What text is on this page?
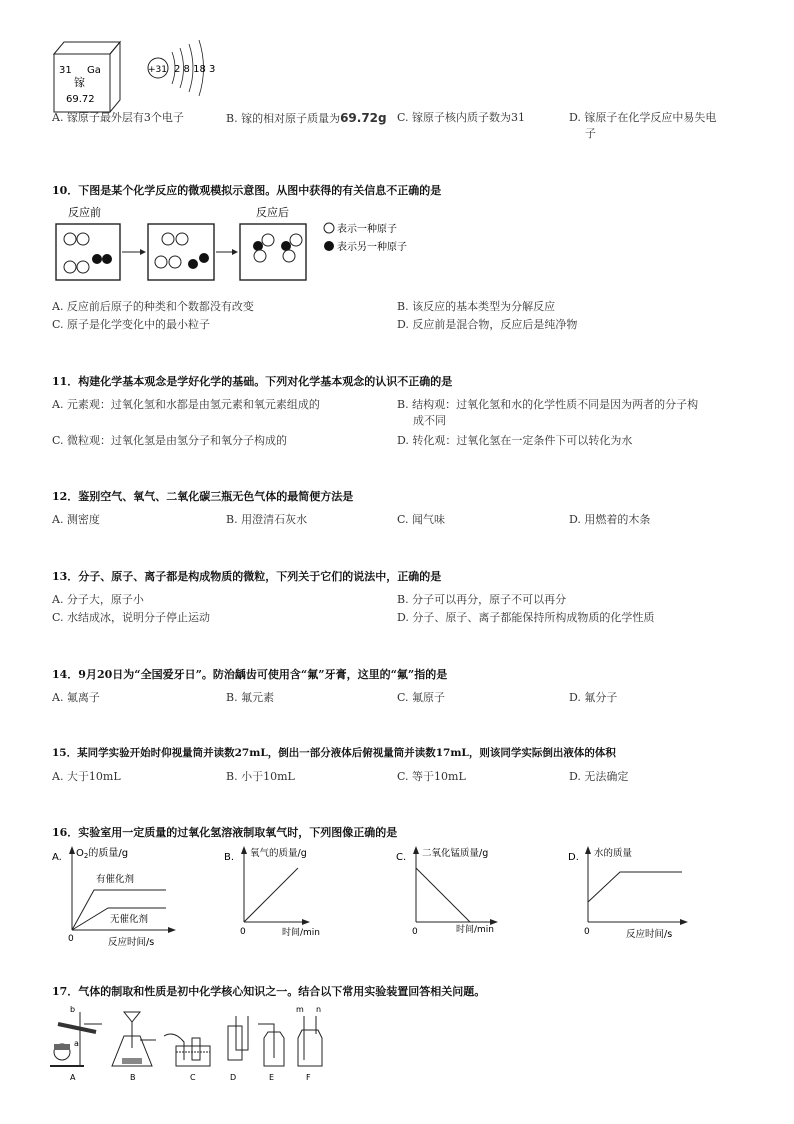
31 Ga
镓
69.72
+31 2 8 18 3
A. 镓原子最外层有3个电子	B. 镓的相对原子质量为69.72g C. 镓原子核内质子数为31	D. 镓原子在化学反应中易失电
子
10．下图是某个化学反应的微观模拟示意图。从图中获得的有关信息不正确的是
反应前	反应后
表示一种原子
表示另一种原子
A. 反应前后原子的种类和个数都没有改变	B. 该反应的基本类型为分解反应
C. 原子是化学变化中的最小粒子	D. 反应前是混合物，反应后是纯净物
11．构建化学基本观念是学好化学的基础。下列对化学基本观念的认识不正确的是
A. 元素观：过氧化氢和水都是由氢元素和氧元素组成的	B. 结构观：过氧化氢和水的化学性质不同是因为两者的分子构
成不同
C. 微粒观：过氧化氢是由氢分子和氧分子构成的	D. 转化观：过氧化氢在一定条件下可以转化为水
12．鉴别空气、氧气、二氧化碳三瓶无色气体的最简便方法是
A. 测密度	B. 用澄清石灰水	C. 闻气味	D. 用燃着的木条
13．分子、原子、离子都是构成物质的微粒，下列关于它们的说法中，正确的是
A. 分子大，原子小	B. 分子可以再分，原子不可以再分
C. 水结成冰，说明分子停止运动	D. 分子、原子、离子都能保持所构成物质的化学性质
14．9月20日为“全国爱牙日”。防治龋齿可使用含“氟”牙膏，这里的“氟”指的是
A. 氟离子	B. 氟元素	C. 氟原子	D. 氟分子
15．某同学实验开始时仰视量筒并读数27mL，倒出一部分液体后俯视量筒并读数17mL，则该同学实际倒出液体的体积
A. 大于10mL	B. 小于10mL	C. 等于10mL	D. 无法确定
16．实验室用一定质量的过氧化氢溶液制取氧气时，下列图像正确的是
A. $O_2$的质量/g
有催化剂
无催化剂
0	反应时间/s
B. 氧气的质量/g
0	时间/min
C. 二氧化锰质量/g
0	时间/min
D. 水的质量
0	反应时间/s
17．气体的制取和性质是初中化学核心知识之一。结合以下常用实验装置回答相关问题。
b
a
A	B	C	D	E
m n
F
